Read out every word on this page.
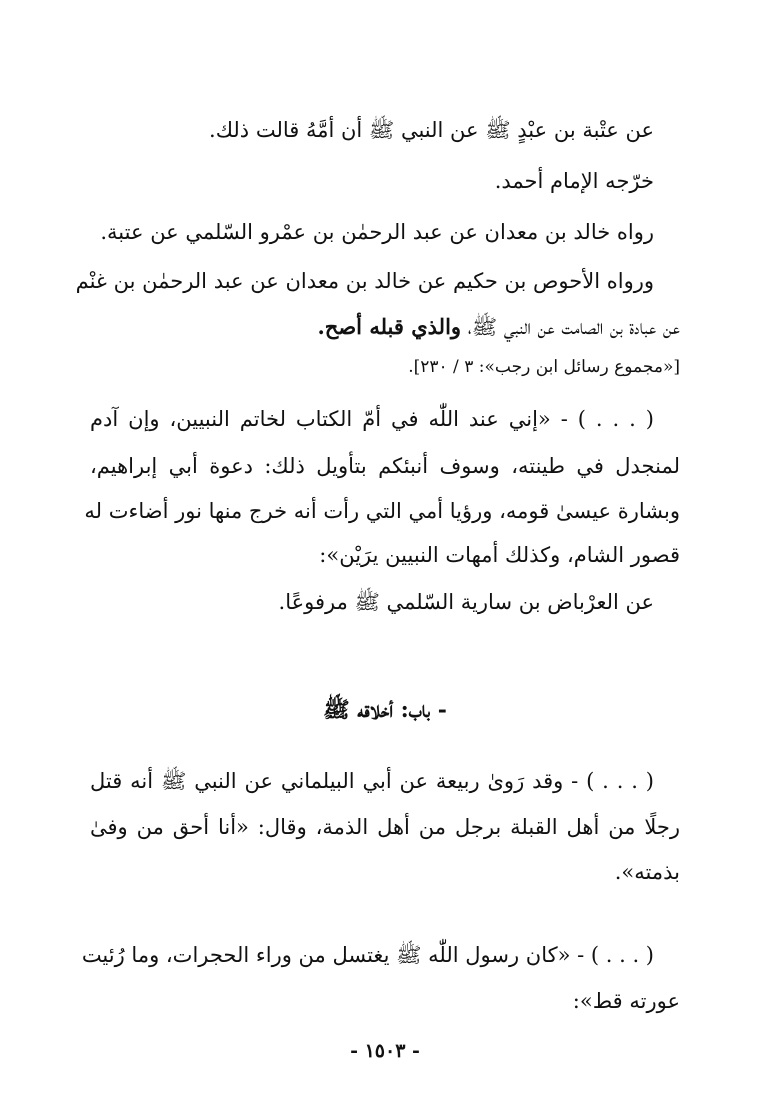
عن عتْبة بن عبْدٍ ﷺ عن النبي ﷺ أن أمَّهُ قالت ذلك.
خرّجه الإمام أحمد.
رواه خالد بن معدان عن عبد الرحمٰن بن عمْرو السّلمي عن عتبة.
ورواه الأحوص بن حكيم عن خالد بن معدان عن عبد الرحمٰن بن غنْم
عن عبادة بن الصامت عن النبي ﷺ، والذي قبله أصح.
[«مجموع رسائل ابن رجب»: ٣ / ٢٣٠].
( . . . ) - «إني عند اللّٰه في أمّ الكتاب لخاتم النبيين، وإن آدم
لمنجدل في طينته، وسوف أنبئكم بتأويل ذلك: دعوة أبي إبراهيم،
وبشارة عيسىٰ قومه، ورؤيا أمي التي رأت أنه خرج منها نور أضاءت له
قصور الشام، وكذلك أمهات النبيين يرَيْن»:
عن العرْباض بن سارية السّلمي ﷺ مرفوعًا.
- باب: أخلاقه ﷺ
( . . . ) - وقد رَوىٰ ربيعة عن أبي البيلماني عن النبي ﷺ أنه قتل
رجلًا من أهل القبلة برجل من أهل الذمة، وقال: «أنا أحق من وفىٰ
بذمته».
( . . . ) - «كان رسول اللّٰه ﷺ يغتسل من وراء الحجرات، وما رُئيت
عورته قط»:
- ١٥٠٣ -
